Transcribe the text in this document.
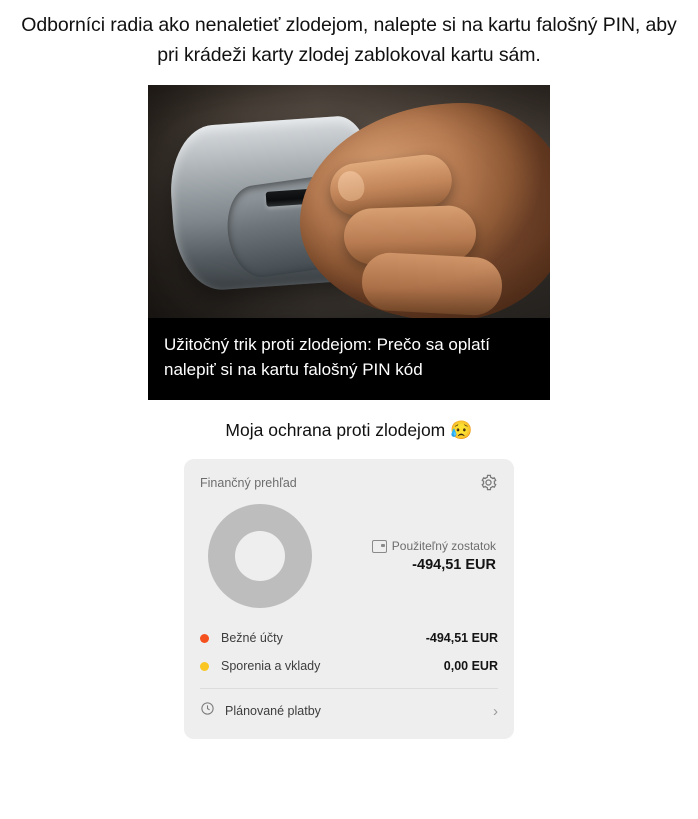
Odborníci radia ako nenaletieť zlodejom, nalepte si na kartu falošný PIN, aby pri krádeži karty zlodej zablokoval kartu sám.
Užitočný trik proti zlodejom: Prečo sa oplatí nalepiť si na kartu falošný PIN kód
Moja ochrana proti zlodejom 😥
Finančný prehľad
Použiteľný zostatok
-494,51 EUR
Bežné účty	-494,51 EUR
Sporenia a vklady	0,00 EUR
Plánované platby	›
